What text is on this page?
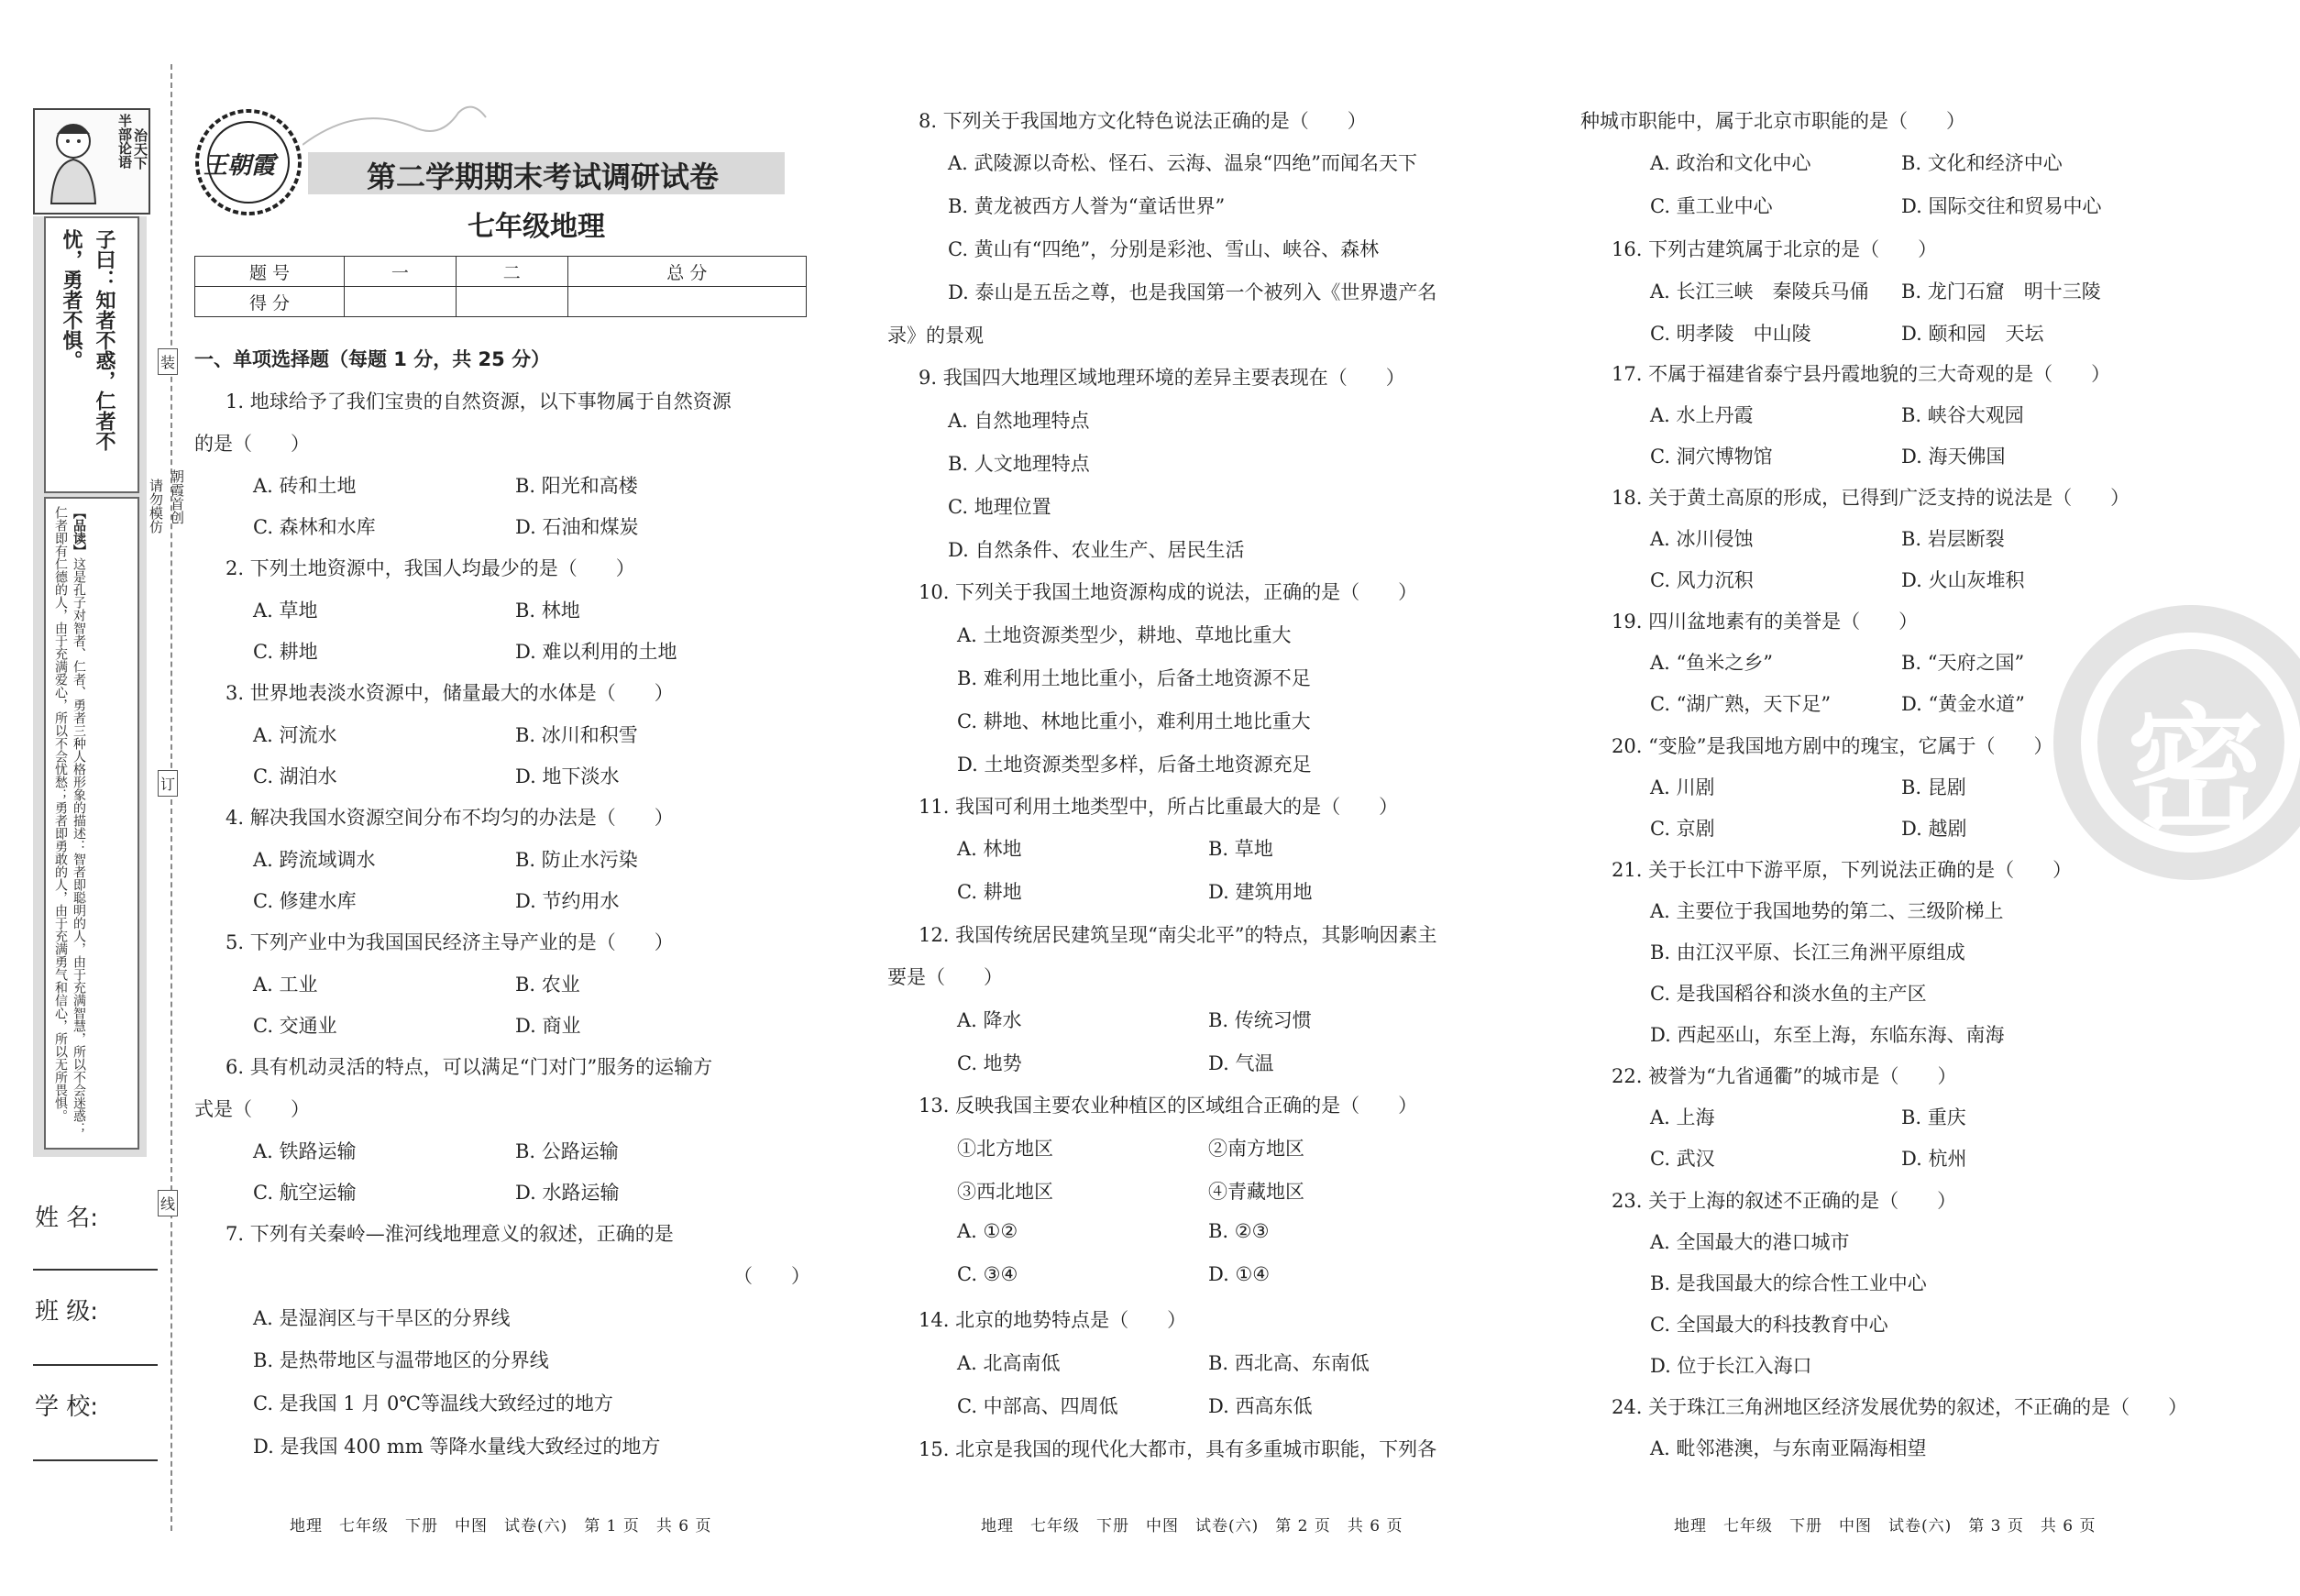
半部论语
治天下
子曰：知者不惑，仁者不忧，勇者不惧。
【品读】这是孔子对智者、仁者、勇者三种人格形象的描述：智者即聪明的人，由于充满智慧，所以不会迷惑；仁者即有仁德的人，由于充满爱心，所以不会忧愁；勇者即勇敢的人，由于充满勇气和信心，所以无所畏惧。
装
订
线
请勿模仿
朝霞首创
姓 名:
班 级:
学 校:
王朝霞	第二学期期末考试调研试卷
七年级地理
题 号	一	二	总 分
得 分			
一、单项选择题（每题 1 分，共 25 分）
1. 地球给予了我们宝贵的自然资源，以下事物属于自然资源
的是（　　）
A. 砖和土地	B. 阳光和高楼
C. 森林和水库	D. 石油和煤炭
2. 下列土地资源中，我国人均最少的是（　　）
A. 草地	B. 林地
C. 耕地	D. 难以利用的土地
3. 世界地表淡水资源中，储量最大的水体是（　　）
A. 河流水	B. 冰川和积雪
C. 湖泊水	D. 地下淡水
4. 解决我国水资源空间分布不均匀的办法是（　　）
A. 跨流域调水	B. 防止水污染
C. 修建水库	D. 节约用水
5. 下列产业中为我国国民经济主导产业的是（　　）
A. 工业	B. 农业
C. 交通业	D. 商业
6. 具有机动灵活的特点，可以满足“门对门”服务的运输方
式是（　　）
A. 铁路运输	B. 公路运输
C. 航空运输	D. 水路运输
7. 下列有关秦岭—淮河线地理意义的叙述，正确的是
（　　）
A. 是湿润区与干旱区的分界线
B. 是热带地区与温带地区的分界线
C. 是我国 1 月 0℃等温线大致经过的地方
D. 是我国 400 mm 等降水量线大致经过的地方
地理　七年级　下册　中图　试卷(六)　第 1 页　共 6 页
8. 下列关于我国地方文化特色说法正确的是（　　）
A. 武陵源以奇松、怪石、云海、温泉“四绝”而闻名天下
B. 黄龙被西方人誉为“童话世界”
C. 黄山有“四绝”，分别是彩池、雪山、峡谷、森林
D. 泰山是五岳之尊，也是我国第一个被列入《世界遗产名
录》的景观
9. 我国四大地理区域地理环境的差异主要表现在（　　）
A. 自然地理特点
B. 人文地理特点
C. 地理位置
D. 自然条件、农业生产、居民生活
10. 下列关于我国土地资源构成的说法，正确的是（　　）
A. 土地资源类型少，耕地、草地比重大
B. 难利用土地比重小，后备土地资源不足
C. 耕地、林地比重小，难利用土地比重大
D. 土地资源类型多样，后备土地资源充足
11. 我国可利用土地类型中，所占比重最大的是（　　）
A. 林地	B. 草地
C. 耕地	D. 建筑用地
12. 我国传统居民建筑呈现“南尖北平”的特点，其影响因素主
要是（　　）
A. 降水	B. 传统习惯
C. 地势	D. 气温
13. 反映我国主要农业种植区的区域组合正确的是（　　）
①北方地区	②南方地区
③西北地区	④青藏地区
A. ①②	B. ②③
C. ③④	D. ①④
14. 北京的地势特点是（　　）
A. 北高南低	B. 西北高、东南低
C. 中部高、四周低	D. 西高东低
15. 北京是我国的现代化大都市，具有多重城市职能，下列各
地理　七年级　下册　中图　试卷(六)　第 2 页　共 6 页
密
种城市职能中，属于北京市职能的是（　　）
A. 政治和文化中心	B. 文化和经济中心
C. 重工业中心	D. 国际交往和贸易中心
16. 下列古建筑属于北京的是（　　）
A. 长江三峡　秦陵兵马俑 B. 龙门石窟　明十三陵
C. 明孝陵　中山陵	D. 颐和园　天坛
17. 不属于福建省泰宁县丹霞地貌的三大奇观的是（　　）
A. 水上丹霞	B. 峡谷大观园
C. 洞穴博物馆	D. 海天佛国
18. 关于黄土高原的形成，已得到广泛支持的说法是（　　）
A. 冰川侵蚀	B. 岩层断裂
C. 风力沉积	D. 火山灰堆积
19. 四川盆地素有的美誉是（　　）
A. “鱼米之乡”	B. “天府之国”
C. “湖广熟，天下足”	D. “黄金水道”
20. “变脸”是我国地方剧中的瑰宝，它属于（　　）
A. 川剧	B. 昆剧
C. 京剧	D. 越剧
21. 关于长江中下游平原，下列说法正确的是（　　）
A. 主要位于我国地势的第二、三级阶梯上
B. 由江汉平原、长江三角洲平原组成
C. 是我国稻谷和淡水鱼的主产区
D. 西起巫山，东至上海，东临东海、南海
22. 被誉为“九省通衢”的城市是（　　）
A. 上海	B. 重庆
C. 武汉	D. 杭州
23. 关于上海的叙述不正确的是（　　）
A. 全国最大的港口城市
B. 是我国最大的综合性工业中心
C. 全国最大的科技教育中心
D. 位于长江入海口
24. 关于珠江三角洲地区经济发展优势的叙述，不正确的是（　　）
A. 毗邻港澳，与东南亚隔海相望
地理　七年级　下册　中图　试卷(六)　第 3 页　共 6 页
